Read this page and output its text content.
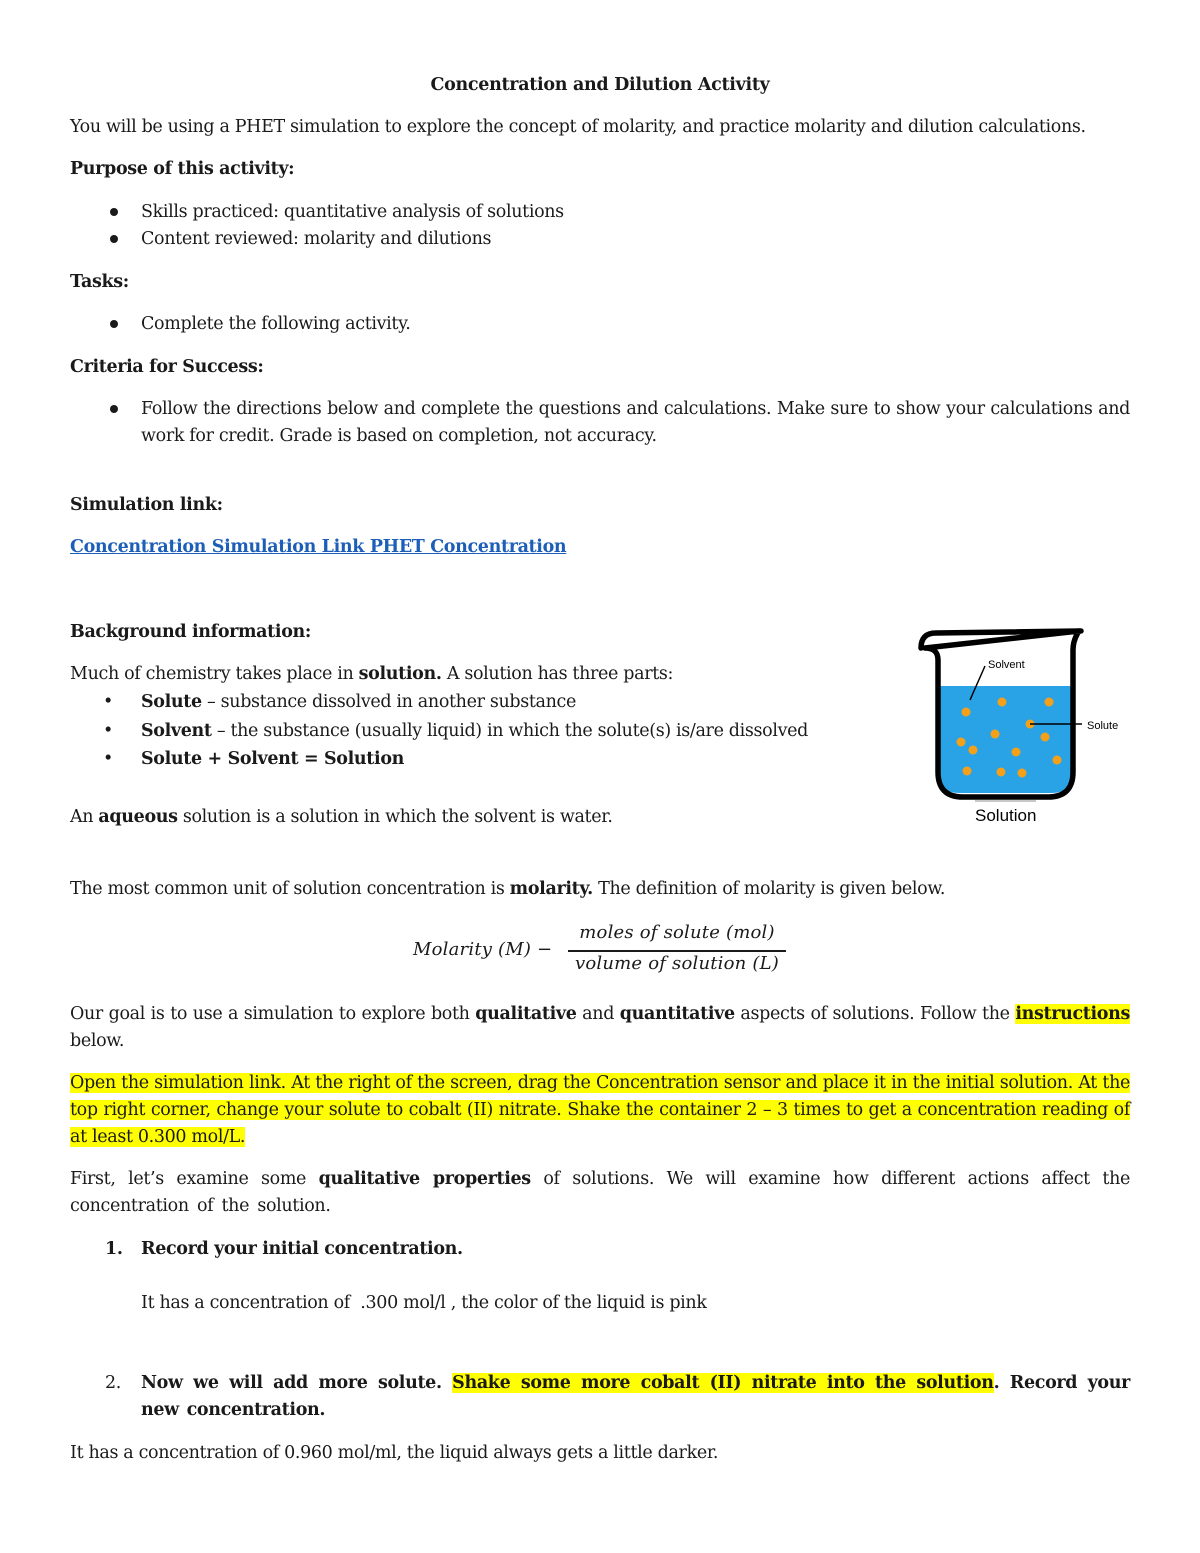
Concentration and Dilution Activity
You will be using a PHET simulation to explore the concept of molarity, and practice molarity and dilution calculations.
Purpose of this activity:
Skills practiced: quantitative analysis of solutions
Content reviewed: molarity and dilutions
Tasks:
Complete the following activity.
Criteria for Success:
Follow the directions below and complete the questions and calculations. Make sure to show your calculations and work for credit. Grade is based on completion, not accuracy.
Simulation link:
Concentration Simulation Link PHET Concentration
Background information:
Much of chemistry takes place in solution. A solution has three parts:
• Solute – substance dissolved in another substance
• Solvent – the substance (usually liquid) in which the solute(s) is/are dissolved
• Solute + Solvent = Solution
An aqueous solution is a solution in which the solvent is water.
Solvent
Solute
Solution
The most common unit of solution concentration is molarity. The definition of molarity is given below.
Molarity (M) −
moles of solute (mol)
volume of solution (L)
Our goal is to use a simulation to explore both qualitative and quantitative aspects of solutions. Follow the instructions below.
Open the simulation link. At the right of the screen, drag the Concentration sensor and place it in the initial solution. At the top right corner, change your solute to cobalt (II) nitrate. Shake the container 2 – 3 times to get a concentration reading of at least 0.300 mol/L.
First, let’s examine some qualitative properties of solutions. We will examine how different actions affect the concentration of the solution.
1. Record your initial concentration.
It has a concentration of  .300 mol/l , the color of the liquid is pink
2. Now we will add more solute. Shake some more cobalt (II) nitrate into the solution. Record your new concentration.
It has a concentration of 0.960 mol/ml, the liquid always gets a little darker.
